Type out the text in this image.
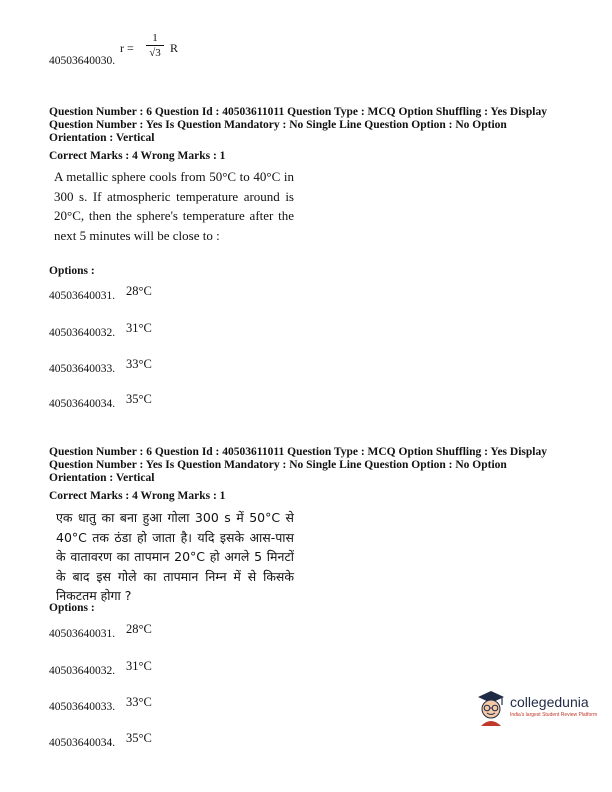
r =
1
√3 R
40503640030.
Question Number : 6 Question Id : 40503611011 Question Type : MCQ Option Shuffling : Yes Display
Question Number : Yes Is Question Mandatory : No Single Line Question Option : No Option
Orientation : Vertical
Correct Marks : 4 Wrong Marks : 1
A metallic sphere cools from 50°C to 40°C in 300 s. If atmospheric temperature around is 20°C, then the sphere's temperature after the next 5 minutes will be close to :
Options :
40503640031. 28°C
40503640032. 31°C
40503640033. 33°C
40503640034. 35°C
Question Number : 6 Question Id : 40503611011 Question Type : MCQ Option Shuffling : Yes Display
Question Number : Yes Is Question Mandatory : No Single Line Question Option : No Option
Orientation : Vertical
Correct Marks : 4 Wrong Marks : 1
एक धातु का बना हुआ गोला 300 s में 50°C से 40°C तक ठंडा हो जाता है। यदि इसके आस-पास के वातावरण का तापमान 20°C हो अगले 5 मिनटों के बाद इस गोले का तापमान निम्न में से किसके निकटतम होगा ?
Options :
40503640031. 28°C
40503640032. 31°C
40503640033. 33°C
40503640034. 35°C
collegedunia
India's largest Student Review Platform
